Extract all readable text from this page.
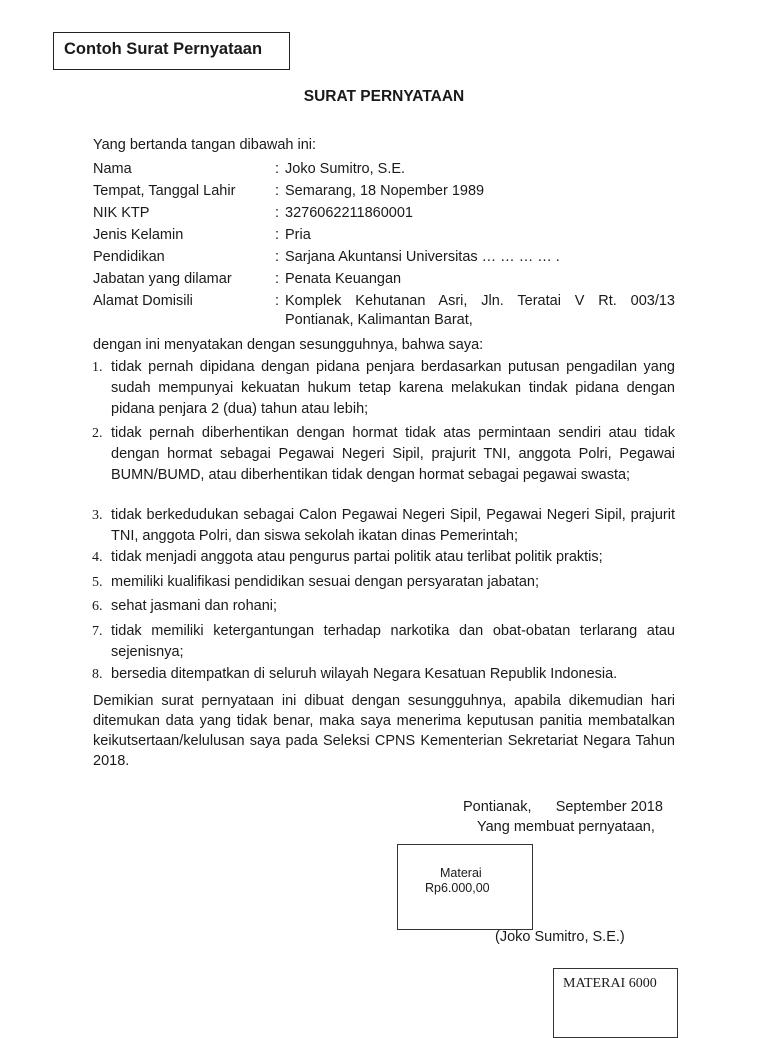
Contoh Surat Pernyataan
SURAT PERNYATAAN
Yang bertanda tangan dibawah ini:
Nama	: Joko Sumitro, S.E.
Tempat, Tanggal Lahir	: Semarang, 18 Nopember 1989
NIK KTP	: 3276062211860001
Jenis Kelamin	: Pria
Pendidikan	: Sarjana Akuntansi Universitas … … … … .
Jabatan yang dilamar	: Penata Keuangan
Alamat Domisili	: Komplek Kehutanan Asri, Jln. Teratai V Rt. 003/13
Pontianak, Kalimantan Barat,
dengan ini menyatakan dengan sesungguhnya, bahwa saya:
1. tidak pernah dipidana dengan pidana penjara berdasarkan putusan pengadilan yang sudah mempunyai kekuatan hukum tetap karena melakukan tindak pidana dengan pidana penjara 2 (dua) tahun atau lebih;
2. tidak pernah diberhentikan dengan hormat tidak atas permintaan sendiri atau tidak dengan hormat sebagai Pegawai Negeri Sipil, prajurit TNI, anggota Polri, Pegawai BUMN/BUMD, atau diberhentikan tidak dengan hormat sebagai pegawai swasta;
3. tidak berkedudukan sebagai Calon Pegawai Negeri Sipil, Pegawai Negeri Sipil, prajurit TNI, anggota Polri, dan siswa sekolah ikatan dinas Pemerintah;
4. tidak menjadi anggota atau pengurus partai politik atau terlibat politik praktis;
5. memiliki kualifikasi pendidikan sesuai dengan persyaratan jabatan;
6. sehat jasmani dan rohani;
7. tidak memiliki ketergantungan terhadap narkotika dan obat-obatan terlarang atau sejenisnya;
8. bersedia ditempatkan di seluruh wilayah Negara Kesatuan Republik Indonesia.
Demikian surat pernyataan ini dibuat dengan sesungguhnya, apabila dikemudian hari ditemukan data yang tidak benar, maka saya menerima keputusan panitia membatalkan keikutsertaan/kelulusan saya pada Seleksi CPNS Kementerian Sekretariat Negara Tahun 2018.
Pontianak,      September 2018
Yang membuat pernyataan,
Materai
Rp6.000,00
(Joko Sumitro, S.E.)
MATERAI 6000
